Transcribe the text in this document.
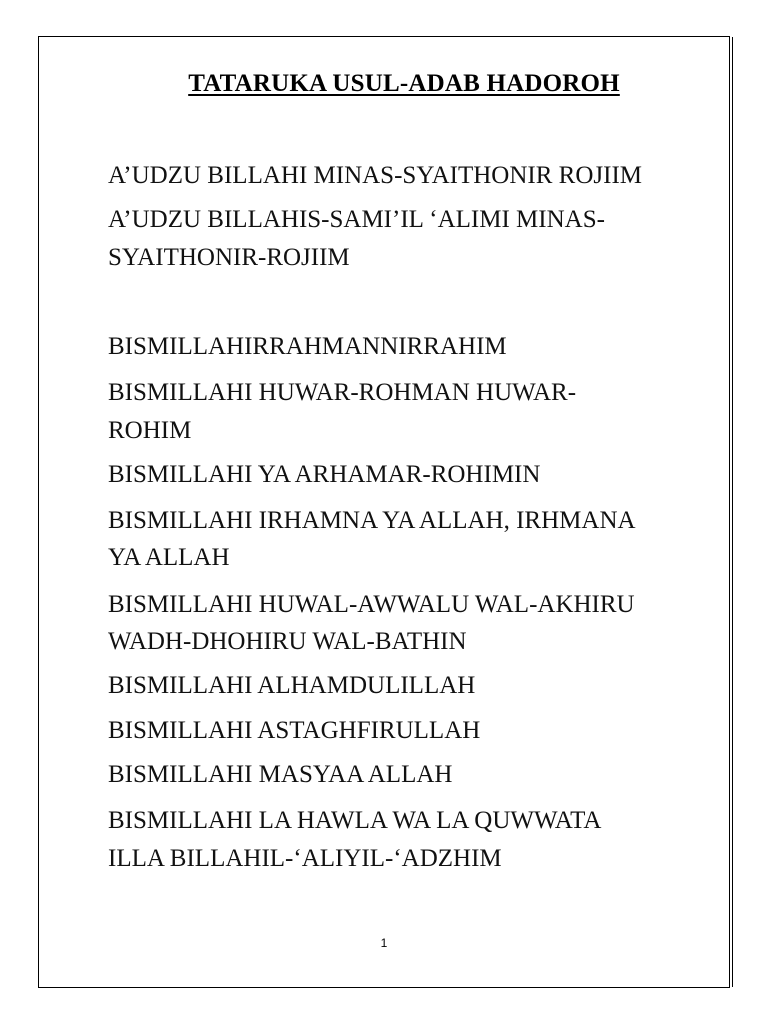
TATARUKA USUL-ADAB HADOROH
A’UDZU BILLAHI MINAS-SYAITHONIR ROJIIM
A’UDZU BILLAHIS-SAMI’IL ‘ALIMI MINAS-
SYAITHONIR-ROJIIM
BISMILLAHIRRAHMANNIRRAHIM
BISMILLAHI HUWAR-ROHMAN HUWAR-
ROHIM
BISMILLAHI YA ARHAMAR-ROHIMIN
BISMILLAHI IRHAMNA YA ALLAH, IRHMANA
YA ALLAH
BISMILLAHI HUWAL-AWWALU WAL-AKHIRU
WADH-DHOHIRU WAL-BATHIN
BISMILLAHI ALHAMDULILLAH
BISMILLAHI ASTAGHFIRULLAH
BISMILLAHI MASYAA ALLAH
BISMILLAHI LA HAWLA WA LA QUWWATA
ILLA BILLAHIL-‘ALIYIL-‘ADZHIM
1
